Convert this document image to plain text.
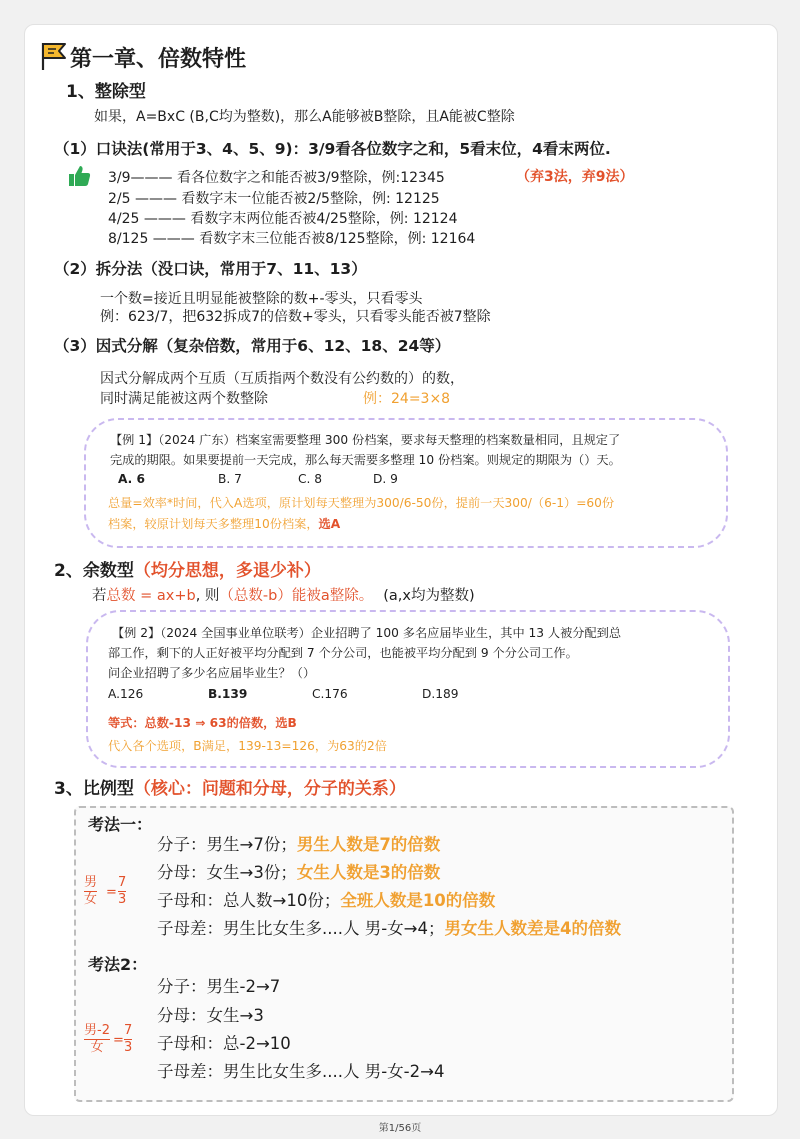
第一章、倍数特性
1、整除型
如果，A=BxC (B,C均为整数)，那么A能够被B整除，且A能被C整除
（1）口诀法(常用于3、4、5、9)：3/9看各位数字之和，5看末位，4看末两位.
3/9——— 看各位数字之和能否被3/9整除，例:12345	（弃3法，弃9法）
2/5 ——— 看数字末一位能否被2/5整除，例: 12125
4/25 ——— 看数字末两位能否被4/25整除，例: 12124
8/125 ——— 看数字末三位能否被8/125整除，例: 12164
（2）拆分法（没口诀，常用于7、11、13）
一个数=接近且明显能被整除的数+-零头，只看零头
例：623/7，把632拆成7的倍数+零头，只看零头能否被7整除
（3）因式分解（复杂倍数，常用于6、12、18、24等）
因式分解成两个互质（互质指两个数没有公约数的）的数，
同时满足能被这两个数整除	例：24=3×8
【例 1】（2024 广东）档案室需要整理 300 份档案，要求每天整理的档案数量相同，且规定了
完成的期限。如果要提前一天完成，那么每天需要多整理 10 份档案。则规定的期限为（）天。
A. 6	B. 7	C. 8	D. 9
总量=效率*时间，代入A选项，原计划每天整理为300/6-50份，提前一天300/（6-1）=60份
档案，较原计划每天多整理10份档案，选A
2、余数型（均分思想，多退少补）
若总数 = ax+b, 则（总数-b）能被a整除。 (a,x均为整数)
【例 2】（2024 全国事业单位联考）企业招聘了 100 多名应届毕业生，其中 13 人被分配到总
部工作，剩下的人正好被平均分配到 7 个分公司，也能被平均分配到 9 个分公司工作。
问企业招聘了多少名应届毕业生？（）
A.126	B.139	C.176	D.189
等式：总数-13 ⇒ 63的倍数，选B
代入各个选项，B满足，139-13=126，为63的2倍
3、比例型（核心：问题和分母，分子的关系）
考法一：
男
女 =
7
3
分子：男生→7份；男生人数是7的倍数
分母：女生→3份；女生人数是3的倍数
子母和：总人数→10份；全班人数是10的倍数
子母差：男生比女生多....人 男-女→4；男女生人数差是4的倍数
考法2：
男-2
女 =
7
3
分子：男生-2→7
分母：女生→3
子母和：总-2→10
子母差：男生比女生多....人 男-女-2→4
第1/56页
